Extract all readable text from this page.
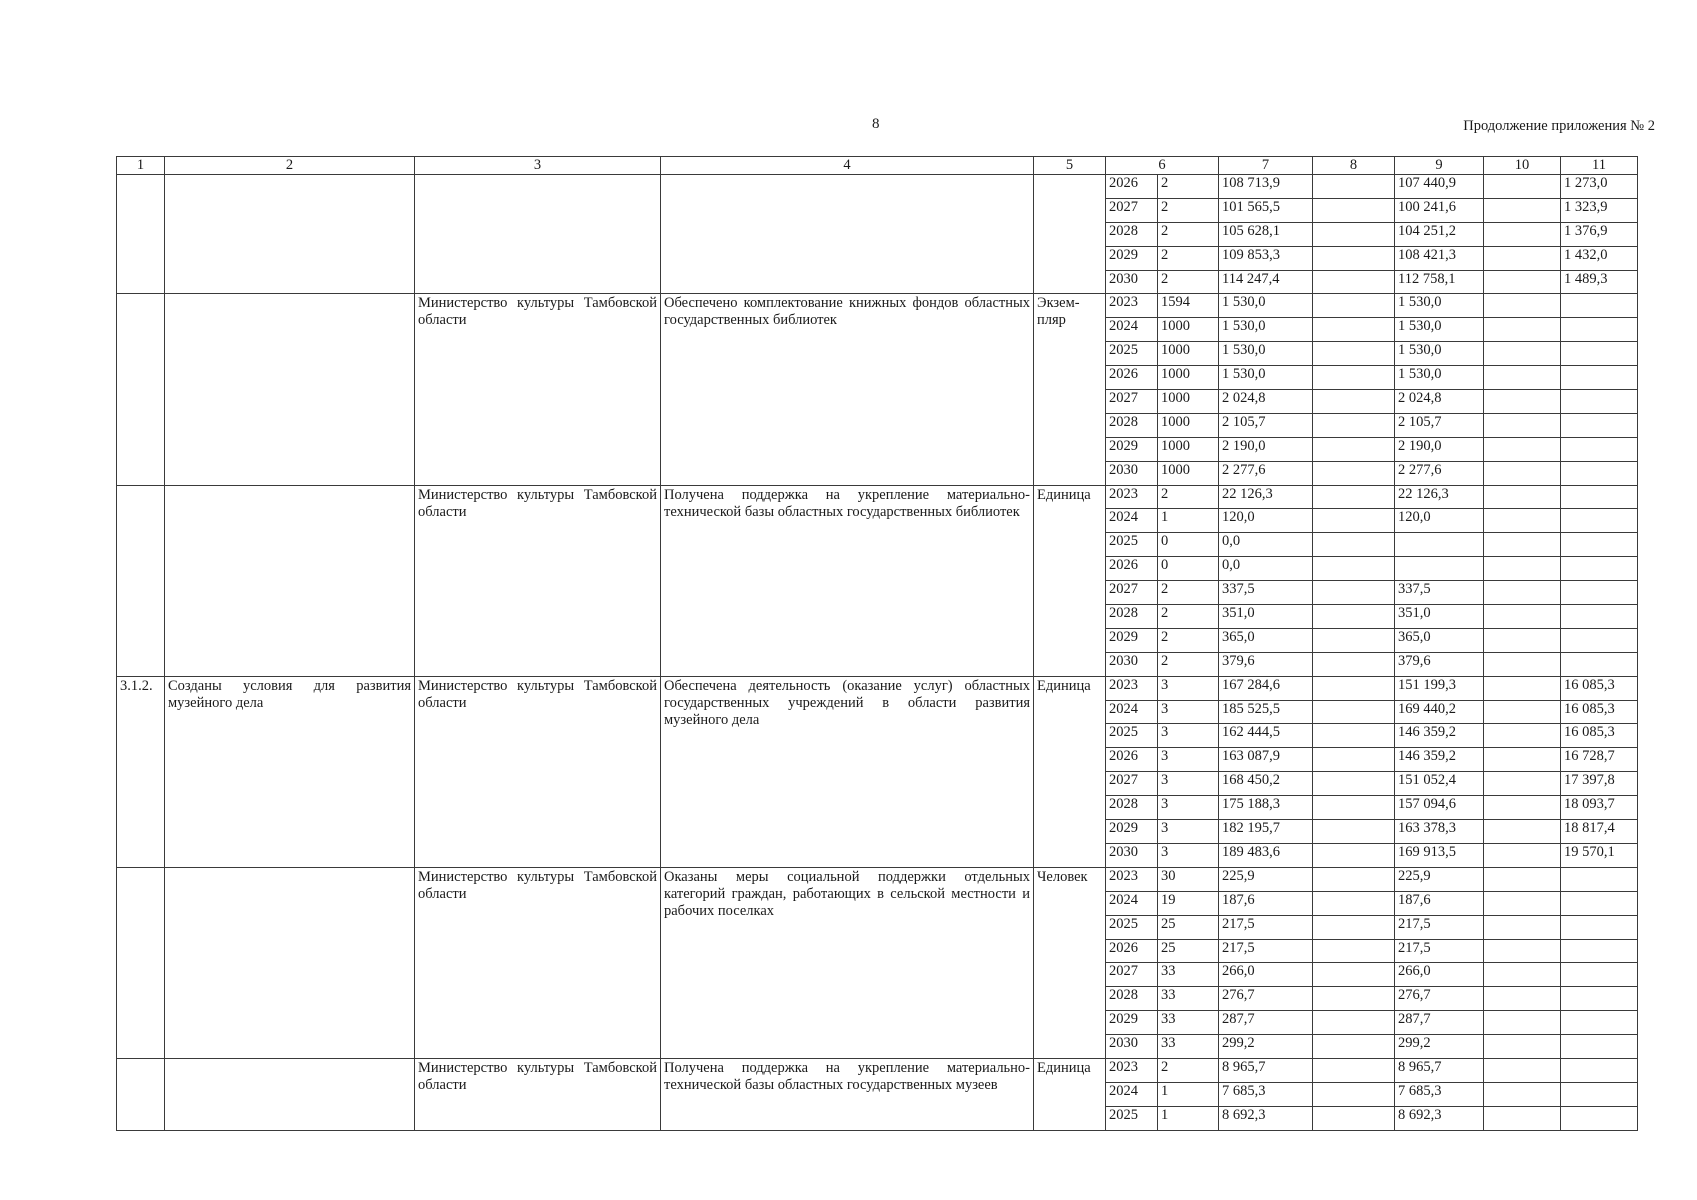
8	Продолжение приложения № 2
1	2	3	4	5	6		7	8	9	10	11
					2026	2	108 713,9		107 440,9		1 273,0
					2027	2	101 565,5		100 241,6		1 323,9
					2028	2	105 628,1		104 251,2		1 376,9
					2029	2	109 853,3		108 421,3		1 432,0
					2030	2	114 247,4		112 758,1		1 489,3
		Министерство культуры Тамбовской области	Обеспечено комплектование книжных фондов областных государственных библиотек	Экзем-пляр	2023	1594	1 530,0		1 530,0		
					2024	1000	1 530,0		1 530,0		
					2025	1000	1 530,0		1 530,0		
					2026	1000	1 530,0		1 530,0		
					2027	1000	2 024,8		2 024,8		
					2028	1000	2 105,7		2 105,7		
					2029	1000	2 190,0		2 190,0		
					2030	1000	2 277,6		2 277,6		
		Министерство культуры Тамбовской области	Получена поддержка на укрепление материально-технической базы областных государственных библиотек	Единица	2023	2	22 126,3		22 126,3		
					2024	1	120,0		120,0		
					2025	0	0,0				
					2026	0	0,0				
					2027	2	337,5		337,5		
					2028	2	351,0		351,0		
					2029	2	365,0		365,0		
					2030	2	379,6		379,6		
3.1.2.	Созданы условия для развития музейного дела	Министерство культуры Тамбовской области	Обеспечена деятельность (оказание услуг) областных государственных учреждений в области развития музейного дела	Единица	2023	3	167 284,6		151 199,3		16 085,3
					2024	3	185 525,5		169 440,2		16 085,3
					2025	3	162 444,5		146 359,2		16 085,3
					2026	3	163 087,9		146 359,2		16 728,7
					2027	3	168 450,2		151 052,4		17 397,8
					2028	3	175 188,3		157 094,6		18 093,7
					2029	3	182 195,7		163 378,3		18 817,4
					2030	3	189 483,6		169 913,5		19 570,1
		Министерство культуры Тамбовской области	Оказаны меры социальной поддержки отдельных категорий граждан, работающих в сельской местности и рабочих поселках	Человек	2023	30	225,9		225,9		
					2024	19	187,6		187,6		
					2025	25	217,5		217,5		
					2026	25	217,5		217,5		
					2027	33	266,0		266,0		
					2028	33	276,7		276,7		
					2029	33	287,7		287,7		
					2030	33	299,2		299,2		
		Министерство культуры Тамбовской области	Получена поддержка на укрепление материально-технической базы областных государственных музеев	Единица	2023	2	8 965,7		8 965,7		
					2024	1	7 685,3		7 685,3		
					2025	1	8 692,3		8 692,3		
